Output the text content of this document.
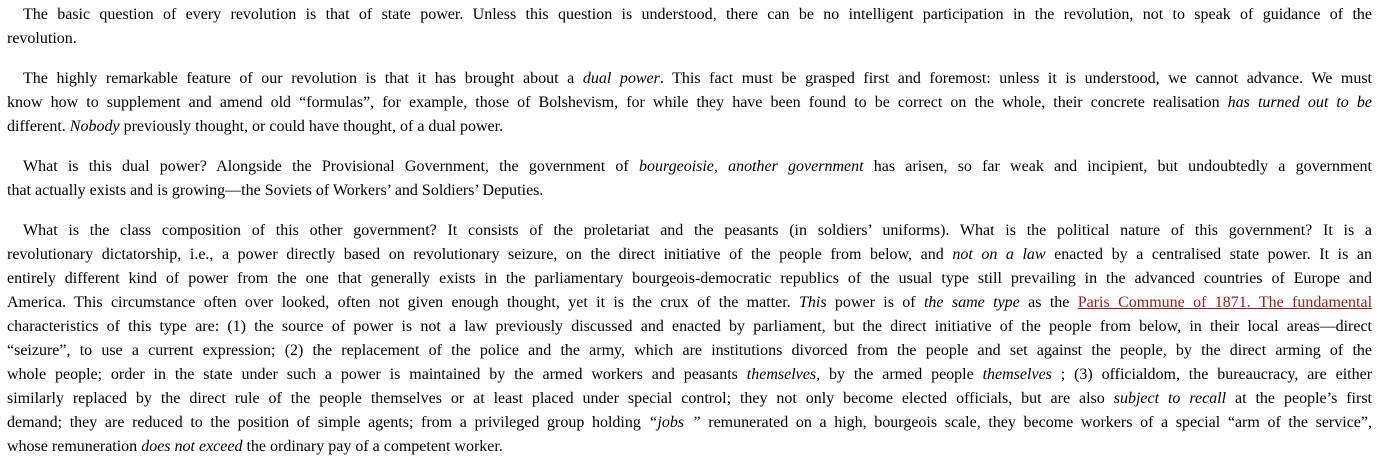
The basic question of every revolution is that of state power. Unless this question is understood, there can be no intelligent participation in the revolution, not to speak of guidance of the
revolution.
The highly remarkable feature of our revolution is that it has brought about a dual power. This fact must be grasped first and foremost: unless it is understood, we cannot advance. We must
know how to supplement and amend old “formulas”, for example, those of Bolshevism, for while they have been found to be correct on the whole, their concrete realisation has turned out to be
different. Nobody previously thought, or could have thought, of a dual power.
What is this dual power? Alongside the Provisional Government, the government of bourgeoisie, another government has arisen, so far weak and incipient, but undoubtedly a government
that actually exists and is growing—the Soviets of Workers’ and Soldiers’ Deputies.
What is the class composition of this other government? It consists of the proletariat and the peasants (in soldiers’ uniforms). What is the political nature of this government? It is a
revolutionary dictatorship, i.e., a power directly based on revolutionary seizure, on the direct initiative of the people from below, and not on a law enacted by a centralised state power. It is an
entirely different kind of power from the one that generally exists in the parliamentary bourgeois-democratic republics of the usual type still prevailing in the advanced countries of Europe and
America. This circumstance often over looked, often not given enough thought, yet it is the crux of the matter. This power is of the same type as the Paris Commune of 1871. The fundamental
characteristics of this type are: (1) the source of power is not a law previously discussed and enacted by parliament, but the direct initiative of the people from below, in their local areas—direct
“seizure”, to use a current expression; (2) the replacement of the police and the army, which are institutions divorced from the people and set against the people, by the direct arming of the
whole people; order in the state under such a power is maintained by the armed workers and peasants themselves, by the armed people themselves ; (3) officialdom, the bureaucracy, are either
similarly replaced by the direct rule of the people themselves or at least placed under special control; they not only become elected officials, but are also subject to recall at the people’s first
demand; they are reduced to the position of simple agents; from a privileged group holding “jobs ” remunerated on a high, bourgeois scale, they become workers of a special “arm of the service”,
whose remuneration does not exceed the ordinary pay of a competent worker.
